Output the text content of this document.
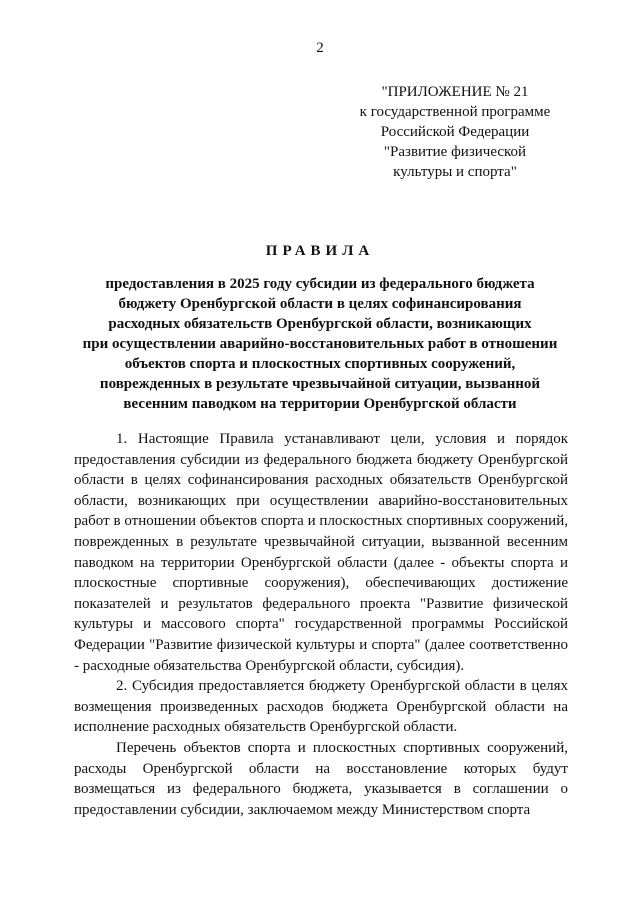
2
"ПРИЛОЖЕНИЕ № 21
к государственной программе
Российской Федерации
"Развитие физической
культуры и спорта"
ПРАВИЛА
предоставления в 2025 году субсидии из федерального бюджета
бюджету Оренбургской области в целях софинансирования
расходных обязательств Оренбургской области, возникающих
при осуществлении аварийно-восстановительных работ в отношении
объектов спорта и плоскостных спортивных сооружений,
поврежденных в результате чрезвычайной ситуации, вызванной
весенним паводком на территории Оренбургской области

1. Настоящие Правила устанавливают цели, условия и порядок предоставления субсидии из федерального бюджета бюджету Оренбургской области в целях софинансирования расходных обязательств Оренбургской области, возникающих при осуществлении аварийно-восстановительных работ в отношении объектов спорта и плоскостных спортивных сооружений, поврежденных в результате чрезвычайной ситуации, вызванной весенним паводком на территории Оренбургской области (далее - объекты спорта и плоскостные спортивные сооружения), обеспечивающих достижение показателей и результатов федерального проекта "Развитие физической культуры и массового спорта" государственной программы Российской Федерации "Развитие физической культуры и спорта" (далее соответственно - расходные обязательства Оренбургской области, субсидия).

2. Субсидия предоставляется бюджету Оренбургской области в целях возмещения произведенных расходов бюджета Оренбургской области на исполнение расходных обязательств Оренбургской области.

Перечень объектов спорта и плоскостных спортивных сооружений, расходы Оренбургской области на восстановление которых будут возмещаться из федерального бюджета, указывается в соглашении о предоставлении субсидии, заключаемом между Министерством спорта
